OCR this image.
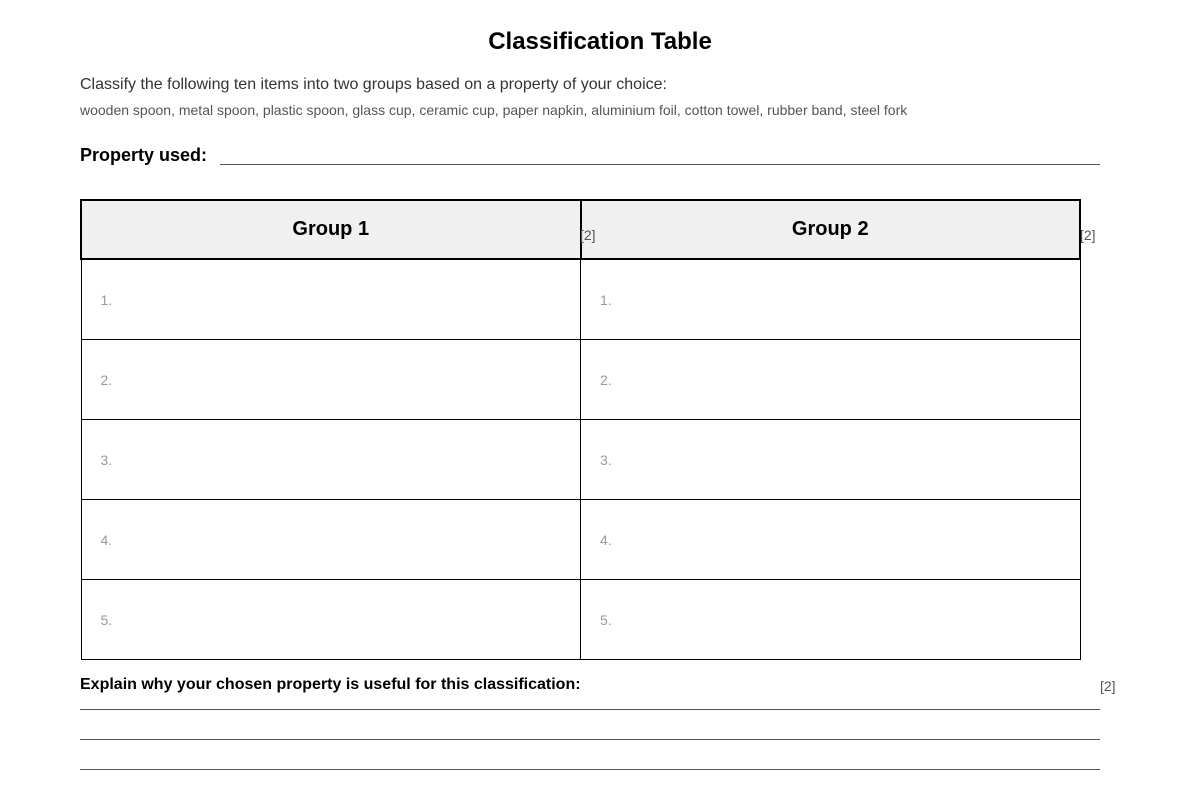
Classification Table
Classify the following ten items into two groups based on a property of your choice:
wooden spoon, metal spoon, plastic spoon, glass cup, ceramic cup, paper napkin, aluminium foil, cotton towel, rubber band, steel fork
Property used:
Group 1	Group 2

1.	1.

2.	2.

3.	3.

4.	4.

5.	5.
[2]	[2]
Explain why your chosen property is useful for this classification:	[2]
